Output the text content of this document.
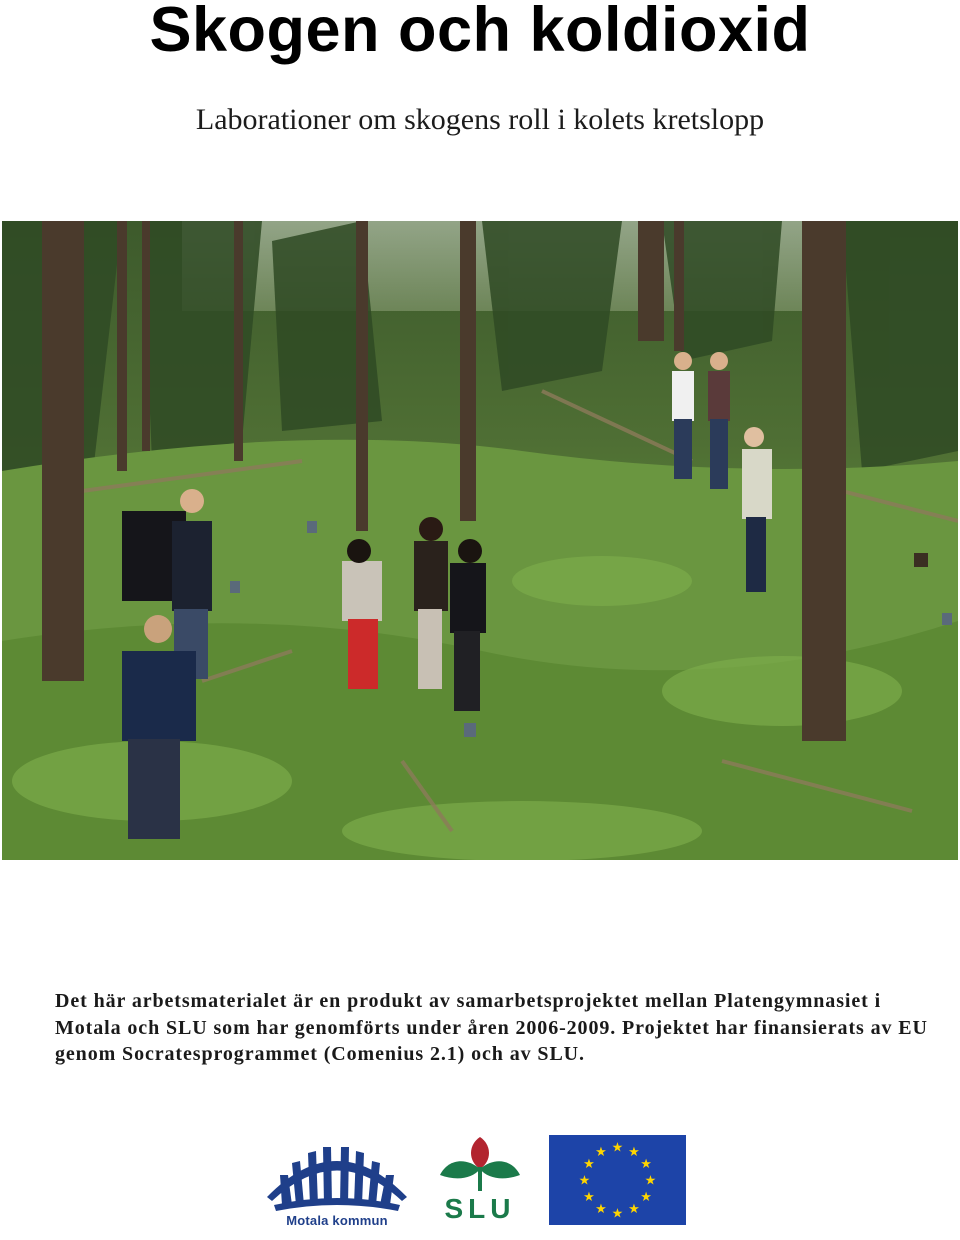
Skogen och koldioxid
Laborationer om skogens roll i kolets kretslopp

Det här arbetsmaterialet är en produkt av samarbetsprojektet mellan Platengymnasiet i Motala och SLU som har genomförts under åren 2006-2009. Projektet har finansierats av EU genom Socratesprogrammet (Comenius 2.1) och av SLU.

Motala kommun	SLU
★ ★
★
★
★
★
★
★
★
★
★
★
